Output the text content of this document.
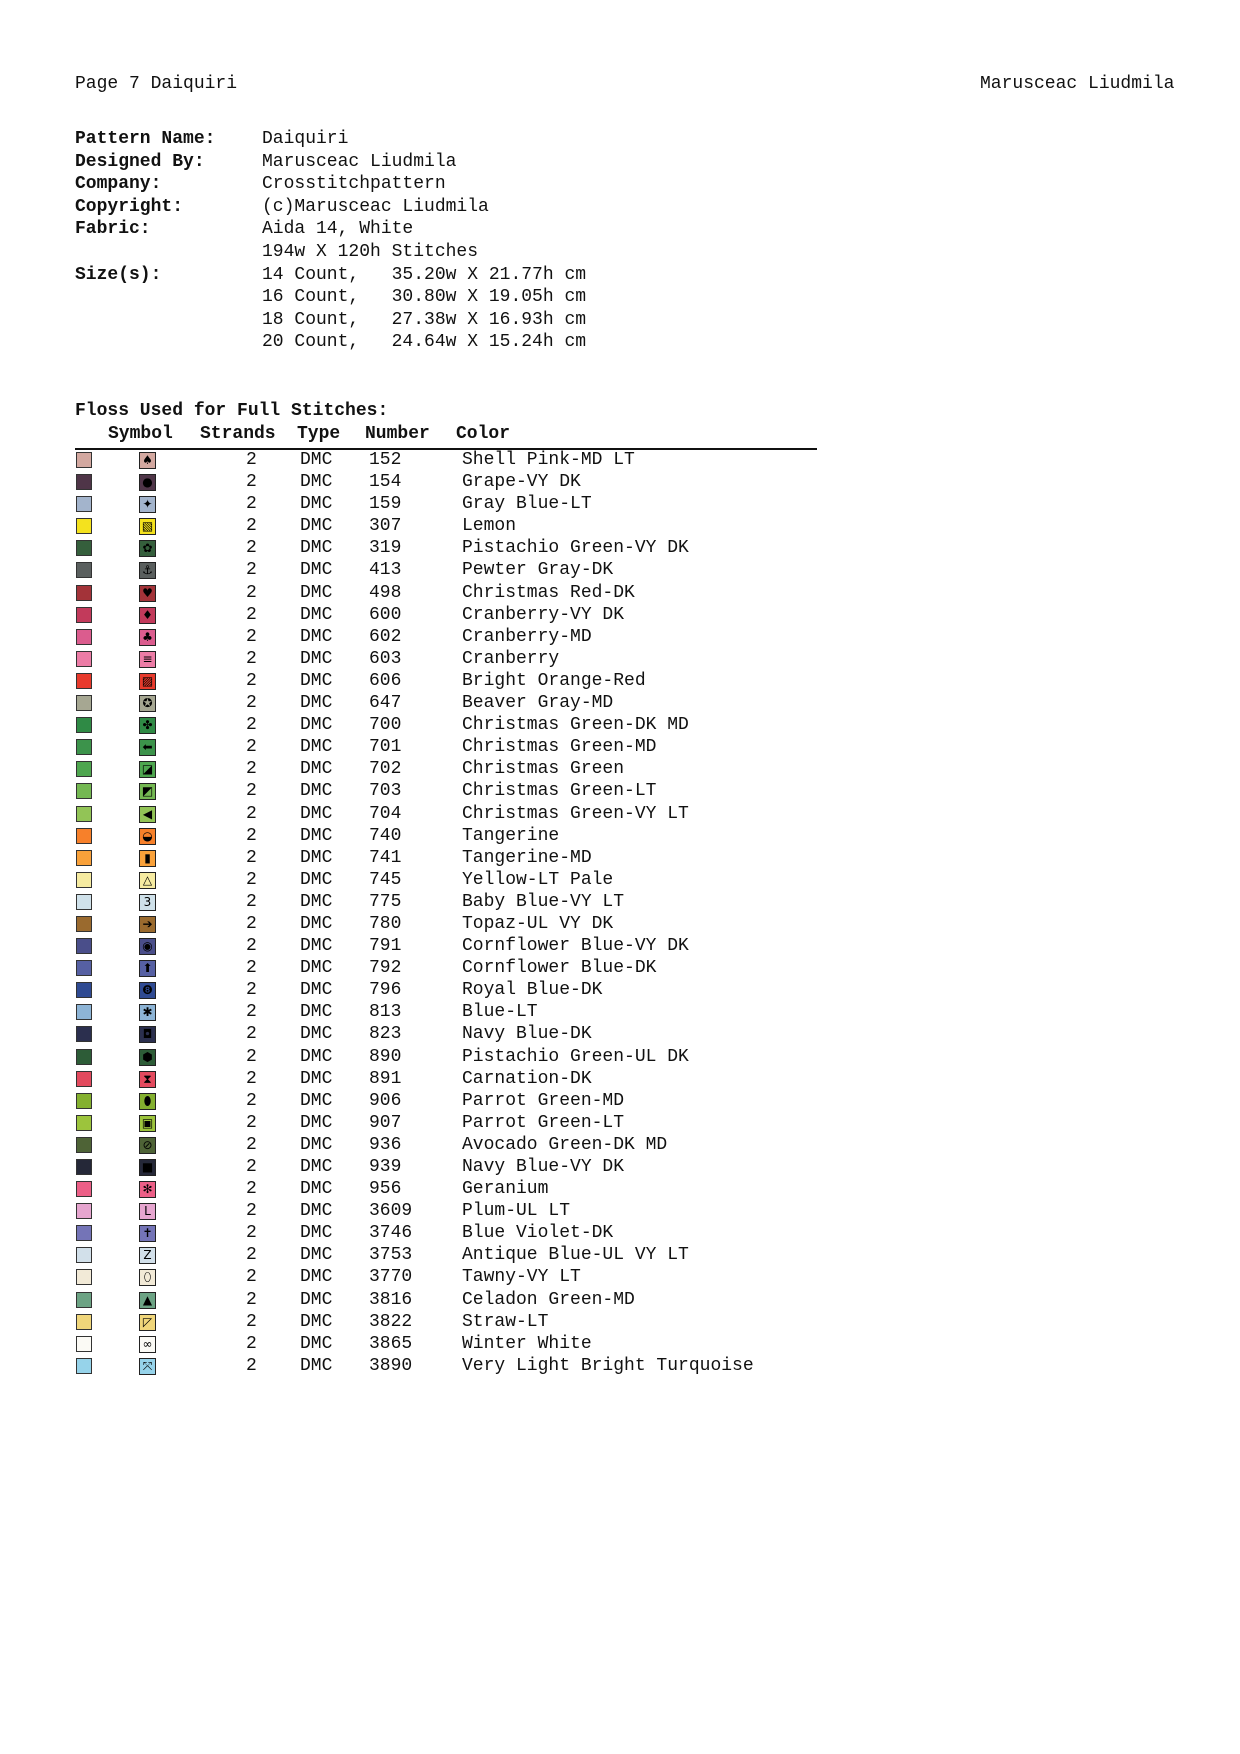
Page 7 Daiquiri	Marusceac Liudmila
Pattern Name:	Daiquiri
Designed By:	Marusceac Liudmila
Company:	Crosstitchpattern
Copyright:	(c)Marusceac Liudmila
Fabric:	Aida 14, White
194w X 120h Stitches
Size(s):	14 Count,   35.20w X 21.77h cm
16 Count,   30.80w X 19.05h cm
18 Count,   27.38w X 16.93h cm
20 Count,   24.64w X 15.24h cm
Floss Used for Full Stitches:
Symbol Strands Type Number Color
♠	2 DMC 152	Shell Pink-MD LT
●	2 DMC 154	Grape-VY DK
✦	2 DMC 159	Gray Blue-LT
▧	2 DMC 307	Lemon
✿	2 DMC 319	Pistachio Green-VY DK
⚓	2 DMC 413	Pewter Gray-DK
♥	2 DMC 498	Christmas Red-DK
♦	2 DMC 600	Cranberry-VY DK
♣	2 DMC 602	Cranberry-MD
≡	2 DMC 603	Cranberry
▨	2 DMC 606	Bright Orange-Red
✪	2 DMC 647	Beaver Gray-MD
✤	2 DMC 700	Christmas Green-DK MD
⬅	2 DMC 701	Christmas Green-MD
◪	2 DMC 702	Christmas Green
◩	2 DMC 703	Christmas Green-LT
◀	2 DMC 704	Christmas Green-VY LT
◒	2 DMC 740	Tangerine
▮	2 DMC 741	Tangerine-MD
△	2 DMC 745	Yellow-LT Pale
3	2 DMC 775	Baby Blue-VY LT
➔	2 DMC 780	Topaz-UL VY DK
◉	2 DMC 791	Cornflower Blue-VY DK
⬆	2 DMC 792	Cornflower Blue-DK
❽	2 DMC 796	Royal Blue-DK
✱	2 DMC 813	Blue-LT
◘	2 DMC 823	Navy Blue-DK
⬢	2 DMC 890	Pistachio Green-UL DK
⧗	2 DMC 891	Carnation-DK
⬮	2 DMC 906	Parrot Green-MD
▣	2 DMC 907	Parrot Green-LT
⊘	2 DMC 936	Avocado Green-DK MD
■	2 DMC 939	Navy Blue-VY DK
✻	2 DMC 956	Geranium
L	2 DMC 3609	Plum-UL LT
✝	2 DMC 3746	Blue Violet-DK
Z	2 DMC 3753	Antique Blue-UL VY LT
⬯	2 DMC 3770	Tawny-VY LT
▲	2 DMC 3816	Celadon Green-MD
◸	2 DMC 3822	Straw-LT
∞	2 DMC 3865	Winter White
⤧	2 DMC 3890	Very Light Bright Turquoise
